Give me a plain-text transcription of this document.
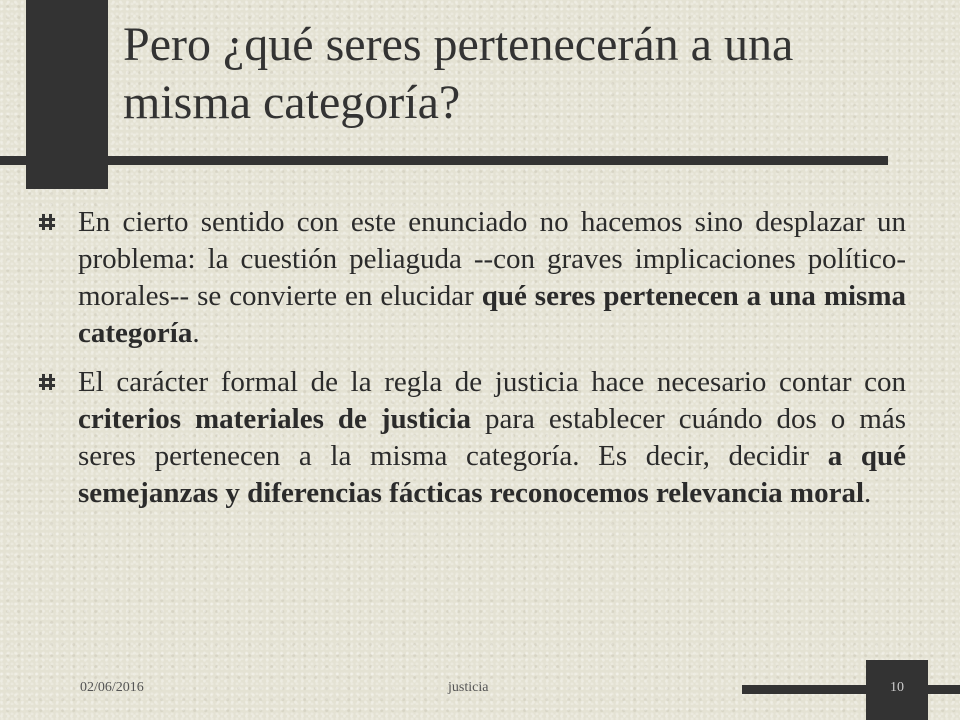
Pero ¿qué seres pertenecerán a una misma categoría?

En cierto sentido con este enunciado no hacemos sino desplazar un problema: la cuestión peliaguda --con graves implicaciones político-morales-- se convierte en elucidar qué seres pertenecen a una misma categoría.

El carácter formal de la regla de justicia hace necesario contar con criterios materiales de justicia para establecer cuándo dos o más seres pertenecen a la misma categoría. Es decir, decidir a qué semejanzas y diferencias fácticas reconocemos relevancia moral.

02/06/2016	justicia	10
